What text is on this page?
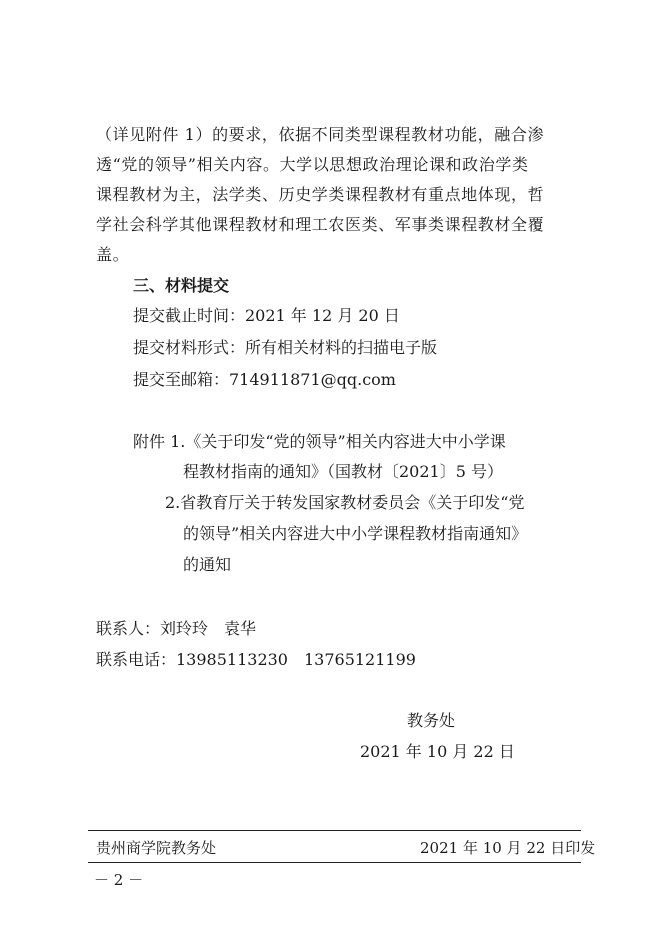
（详见附件 1）的要求，依据不同类型课程教材功能，融合渗
透“党的领导”相关内容。大学以思想政治理论课和政治学类
课程教材为主，法学类、历史学类课程教材有重点地体现，哲
学社会科学其他课程教材和理工农医类、军事类课程教材全覆
盖。
三、材料提交
提交截止时间：2021 年 12 月 20 日
提交材料形式：所有相关材料的扫描电子版
提交至邮箱：714911871@qq.com
附件 1.《关于印发“党的领导”相关内容进大中小学课
程教材指南的通知》（国教材〔2021〕5 号）
2.省教育厅关于转发国家教材委员会《关于印发“党
的领导”相关内容进大中小学课程教材指南通知》
的通知
联系人：刘玲玲　袁华
联系电话：13985113230　13765121199
教务处
2021 年 10 月 22 日
贵州商学院教务处	2021 年 10 月 22 日印发
－ 2 －
